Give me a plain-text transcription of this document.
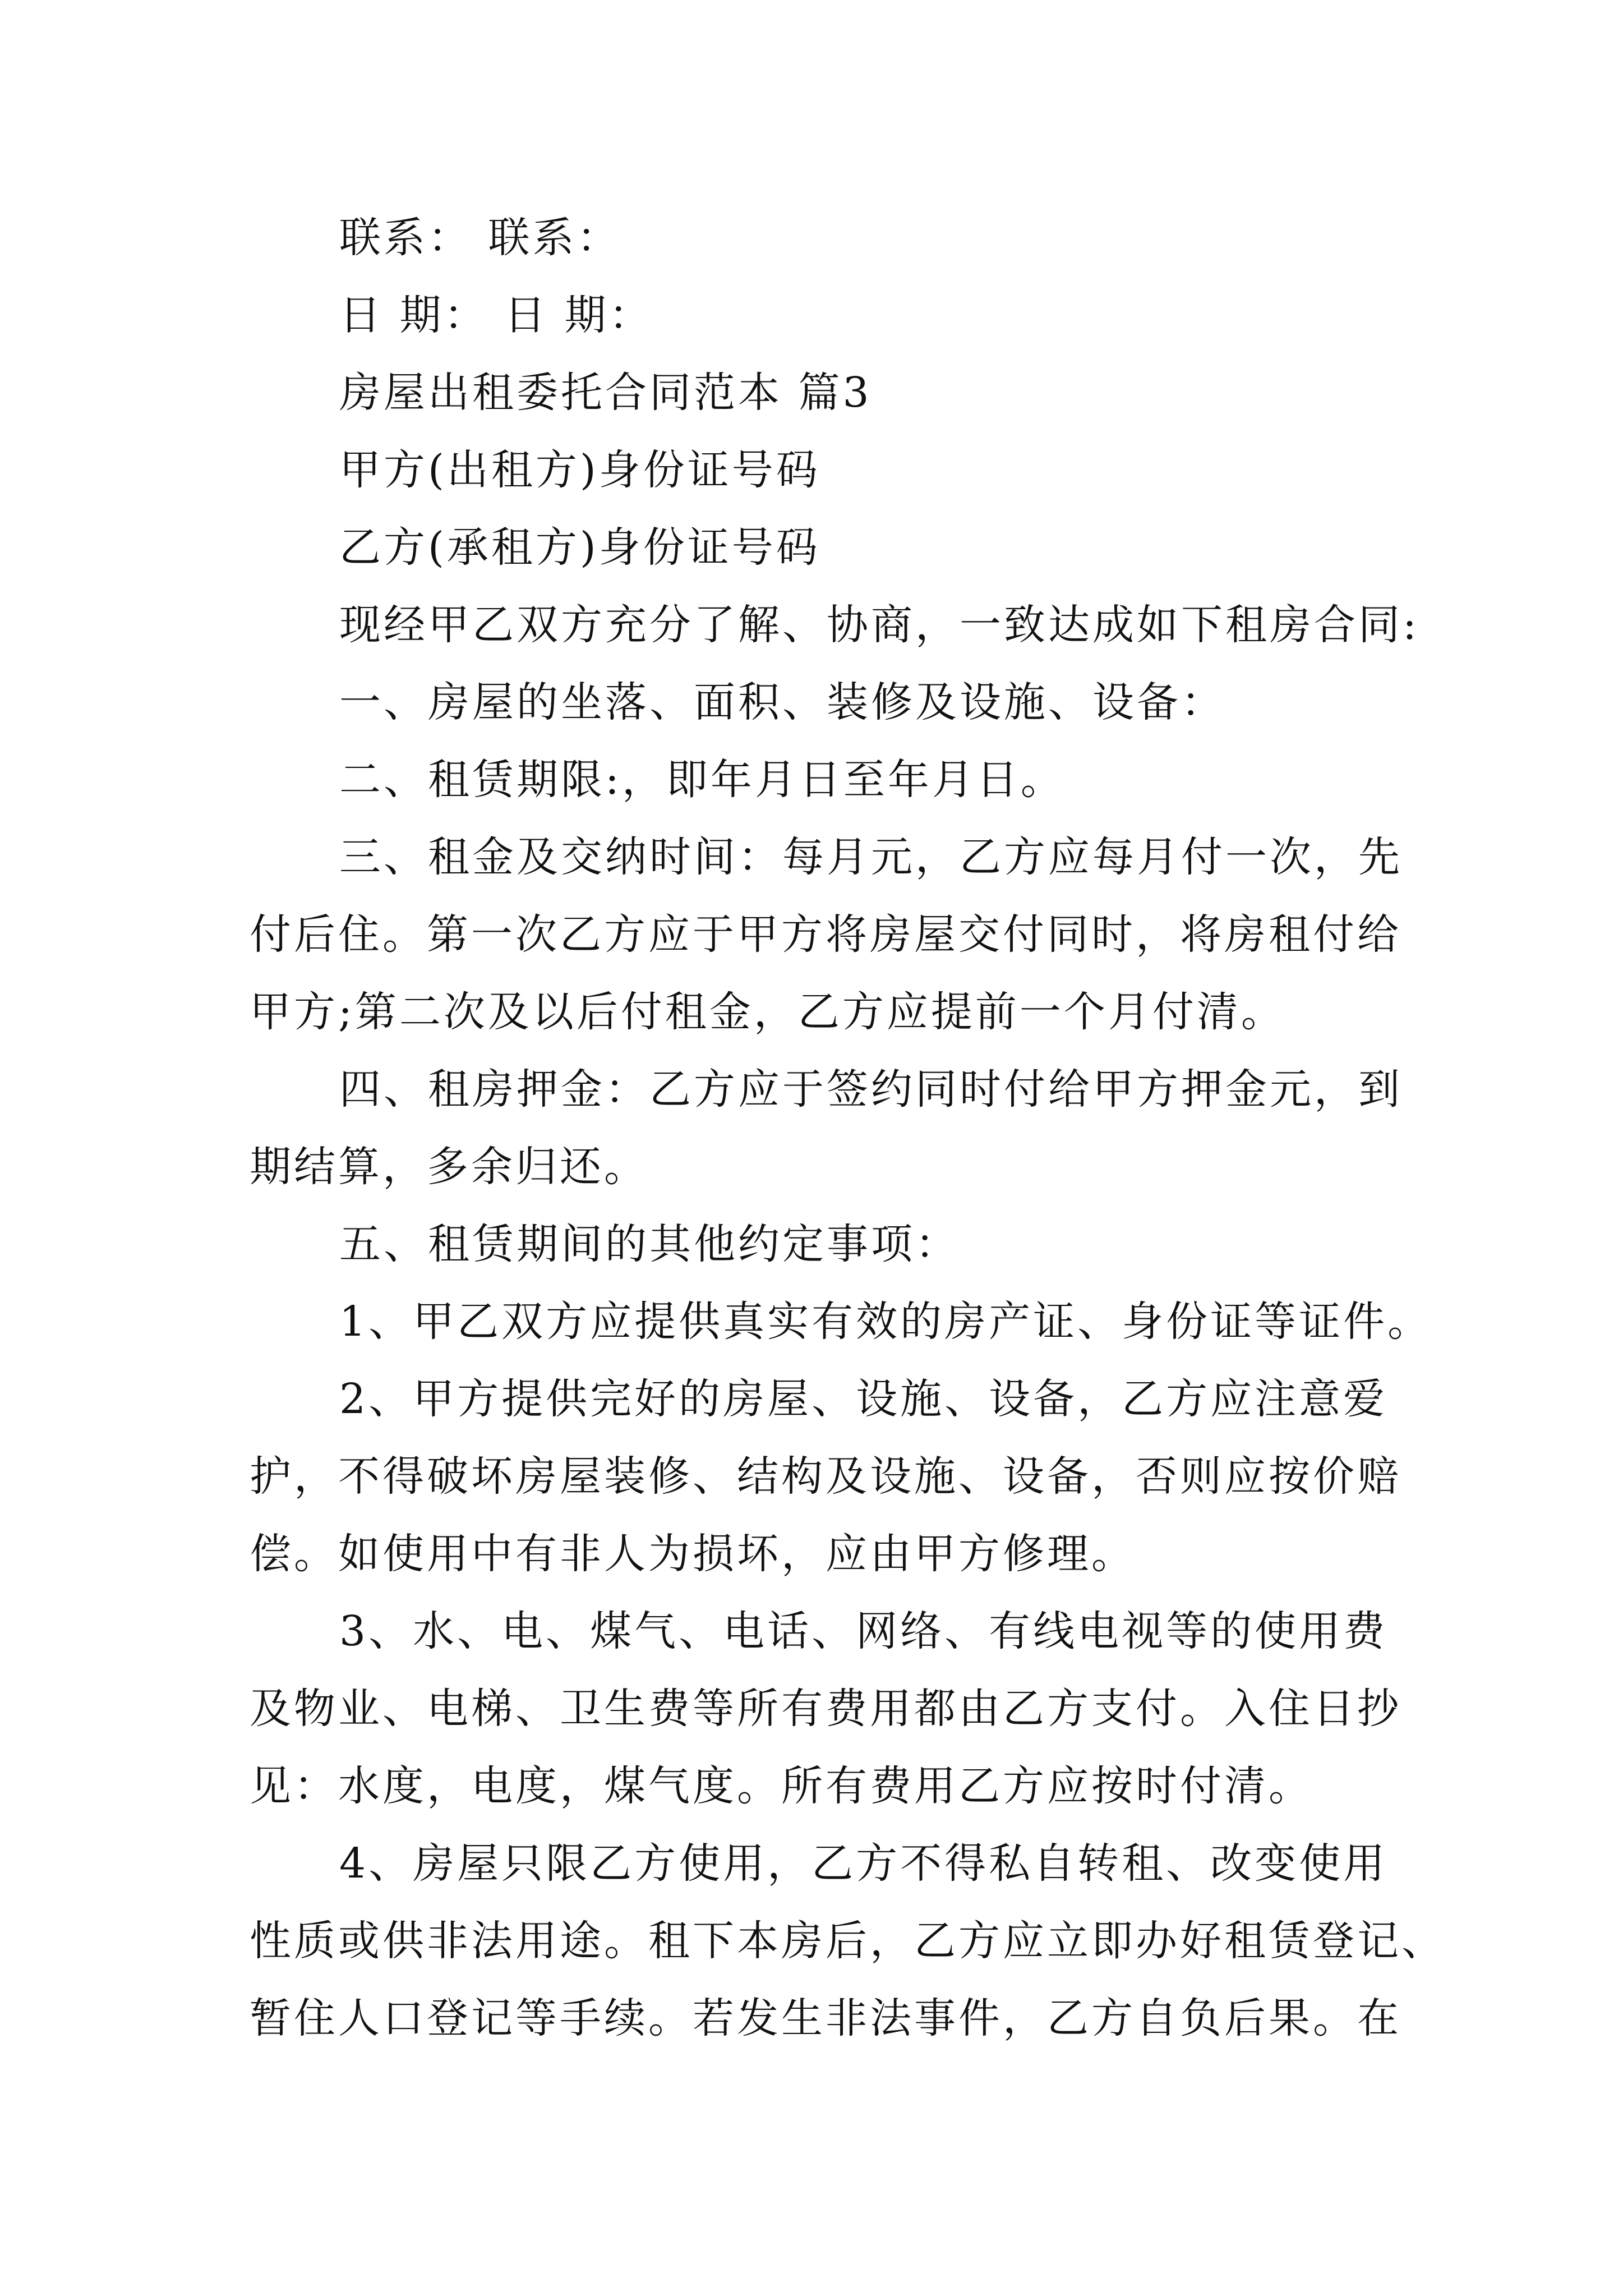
联系： 联系：
日 期： 日 期：
房屋出租委托合同范本 篇3
甲方(出租方)身份证号码
乙方(承租方)身份证号码
现经甲乙双方充分了解、协商，一致达成如下租房合同:
一、房屋的坐落、面积、装修及设施、设备：
二、租赁期限:，即年月日至年月日。
三、租金及交纳时间：每月元，乙方应每月付一次，先
付后住。第一次乙方应于甲方将房屋交付同时，将房租付给
甲方;第二次及以后付租金，乙方应提前一个月付清。
四、租房押金：乙方应于签约同时付给甲方押金元，到
期结算，多余归还。
五、租赁期间的其他约定事项：
1、甲乙双方应提供真实有效的房产证、身份证等证件。
2、甲方提供完好的房屋、设施、设备，乙方应注意爱
护，不得破坏房屋装修、结构及设施、设备，否则应按价赔
偿。如使用中有非人为损坏，应由甲方修理。
3、水、电、煤气、电话、网络、有线电视等的使用费
及物业、电梯、卫生费等所有费用都由乙方支付。入住日抄
见：水度，电度，煤气度。所有费用乙方应按时付清。
4、房屋只限乙方使用，乙方不得私自转租、改变使用
性质或供非法用途。租下本房后，乙方应立即办好租赁登记、
暂住人口登记等手续。若发生非法事件，乙方自负后果。在
